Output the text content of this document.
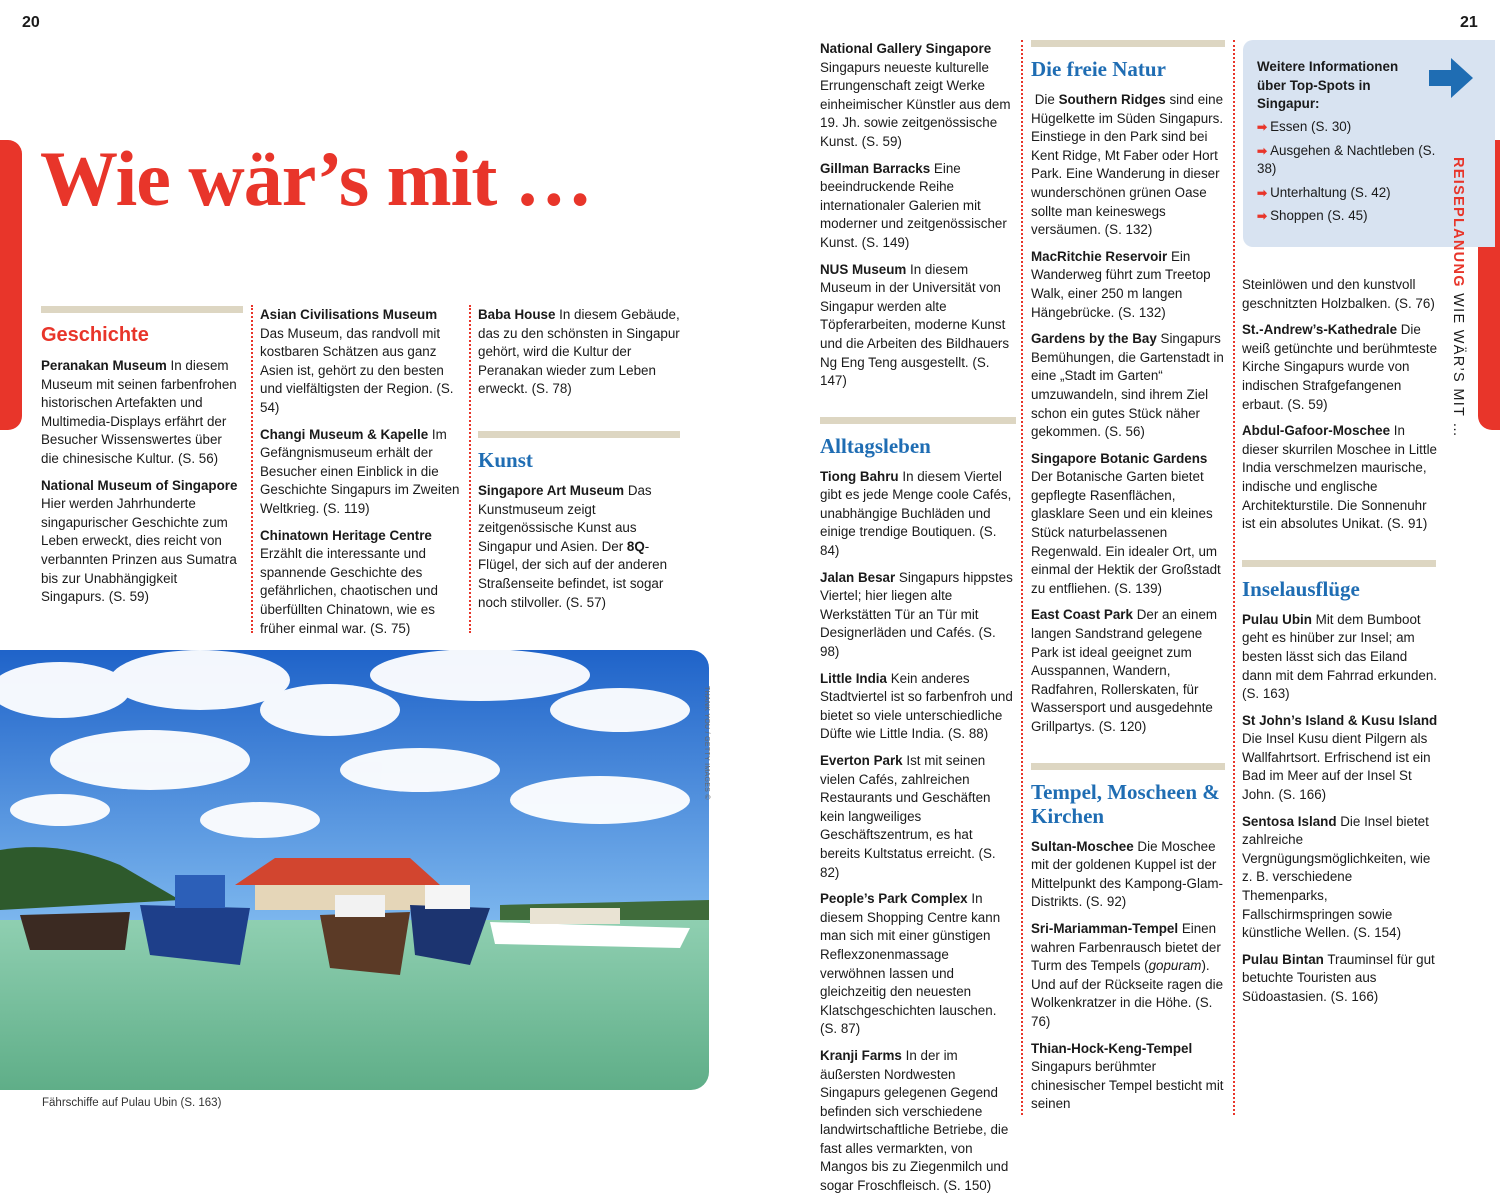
20	21
Wie wär’s mit …
Geschichte

Peranakan Museum In diesem Museum mit seinen farbenfrohen historischen Artefakten und Multimedia-Displays erfährt der Besucher Wissenswertes über die chinesische Kultur. (S. 56)

National Museum of Singapore Hier werden Jahrhunderte singapurischer Geschichte zum Leben erweckt, dies reicht von verbannten Prinzen aus Sumatra bis zur Unabhängigkeit Singapurs. (S. 59)

Asian Civilisations Museum Das Museum, das randvoll mit kostbaren Schätzen aus ganz Asien ist, gehört zu den besten und vielfältigsten der Region. (S. 54)

Changi Museum & Kapelle Im Gefängnismuseum erhält der Besucher einen Einblick in die Geschichte Singapurs im Zweiten Weltkrieg. (S. 119)

Chinatown Heritage Centre Erzählt die interessante und spannende Geschichte des gefährlichen, chaotischen und überfüllten Chinatown, wie es früher einmal war. (S. 75)

Baba House In diesem Gebäude, das zu den schönsten in Singapur gehört, wird die Kultur der Peranakan wieder zum Leben erweckt. (S. 78)

Kunst

Singapore Art Museum Das Kunstmuseum zeigt zeitgenössische Kunst aus Singapur und Asien. Der 8Q-Flügel, der sich auf der anderen Straßenseite befindet, ist sogar noch stilvoller. (S. 57)

THANK YOU / GETTY IMAGES ©
Fährschiffe auf Pulau Ubin (S. 163)

National Gallery Singapore
Singapurs neueste kulturelle Errungenschaft zeigt Werke einheimischer Künstler aus dem 19. Jh. sowie zeitgenössische Kunst. (S. 59)

Gillman Barracks Eine beeindruckende Reihe internationaler Galerien mit moderner und zeitgenössischer Kunst. (S. 149)

NUS Museum In diesem Museum in der Universität von Singapur werden alte Töpferarbeiten, moderne Kunst und die Arbeiten des Bildhauers Ng Eng Teng ausgestellt. (S. 147)

Alltagsleben

Tiong Bahru In diesem Viertel gibt es jede Menge coole Cafés, unabhängige Buchläden und einige trendige Boutiquen. (S. 84)

Jalan Besar Singapurs hippstes Viertel; hier liegen alte Werkstätten Tür an Tür mit Designerläden und Cafés. (S. 98)

Little India Kein anderes Stadtviertel ist so farbenfroh und bietet so viele unterschiedliche Düfte wie Little India. (S. 88)

Everton Park Ist mit seinen vielen Cafés, zahlreichen Restaurants und Geschäften kein langweiliges Geschäftszentrum, es hat bereits Kultstatus erreicht. (S. 82)

People’s Park Complex In diesem Shopping Centre kann man sich mit einer günstigen Reflexzonenmassage verwöhnen lassen und gleichzeitig den neuesten Klatschgeschichten lauschen. (S. 87)

Kranji Farms In der im äußersten Nordwesten Singapurs gelegenen Gegend befinden sich verschiedene landwirtschaftliche Betriebe, die fast alles vermarkten, von Mangos bis zu Ziegenmilch und sogar Froschfleisch. (S. 150)

Die freie Natur

Die Southern Ridges sind eine Hügelkette im Süden Singapurs. Einstiege in den Park sind bei Kent Ridge, Mt Faber oder Hort Park. Eine Wanderung in dieser wunderschönen grünen Oase sollte man keineswegs versäumen. (S. 132)

MacRitchie Reservoir Ein Wanderweg führt zum Treetop Walk, einer 250 m langen Hängebrücke. (S. 132)

Gardens by the Bay Singapurs Bemühungen, die Gartenstadt in eine „Stadt im Garten“ umzuwandeln, sind ihrem Ziel schon ein gutes Stück näher gekommen. (S. 56)

Singapore Botanic Gardens
Der Botanische Garten bietet gepflegte Rasenflächen, glasklare Seen und ein kleines Stück naturbelassenen Regenwald. Ein idealer Ort, um einmal der Hektik der Großstadt zu entfliehen. (S. 139)

East Coast Park Der an einem langen Sandstrand gelegene Park ist ideal geeignet zum Ausspannen, Wandern, Radfahren, Rollerskaten, für Wassersport und ausgedehnte Grillpartys. (S. 120)

Tempel, Moscheen & Kirchen

Sultan-Moschee Die Moschee mit der goldenen Kuppel ist der Mittelpunkt des Kampong-Glam-Distrikts. (S. 92)

Sri-Mariamman-Tempel Einen wahren Farbenrausch bietet der Turm des Tempels (gopuram). Und auf der Rückseite ragen die Wolkenkratzer in die Höhe. (S. 76)

Thian-Hock-Keng-Tempel Singapurs berühmter chinesischer Tempel besticht mit seinen

Weitere Informationen über Top-Spots in Singapur:
➡ Essen (S. 30)
➡ Ausgehen & Nachtleben (S. 38)
➡ Unterhaltung (S. 42)
➡ Shoppen (S. 45)	REISEPLANUNG WIE WÄR’S MIT …

Steinlöwen und den kunstvoll geschnitzten Holzbalken. (S. 76)

St.-Andrew’s-Kathedrale Die weiß getünchte und berühmteste Kirche Singapurs wurde von indischen Strafgefangenen erbaut. (S. 59)

Abdul-Gafoor-Moschee In dieser skurrilen Moschee in Little India verschmelzen maurische, indische und englische Architekturstile. Die Sonnenuhr ist ein absolutes Unikat. (S. 91)

Inselausflüge

Pulau Ubin Mit dem Bumboot geht es hinüber zur Insel; am besten lässt sich das Eiland dann mit dem Fahrrad erkunden. (S. 163)

St John’s Island & Kusu Island
Die Insel Kusu dient Pilgern als Wallfahrtsort. Erfrischend ist ein Bad im Meer auf der Insel St John. (S. 166)

Sentosa Island Die Insel bietet zahlreiche Vergnügungsmöglichkeiten, wie z. B. verschiedene Themenparks, Fallschirmspringen sowie künstliche Wellen. (S. 154)

Pulau Bintan Trauminsel für gut betuchte Touristen aus Südoastasien. (S. 166)
